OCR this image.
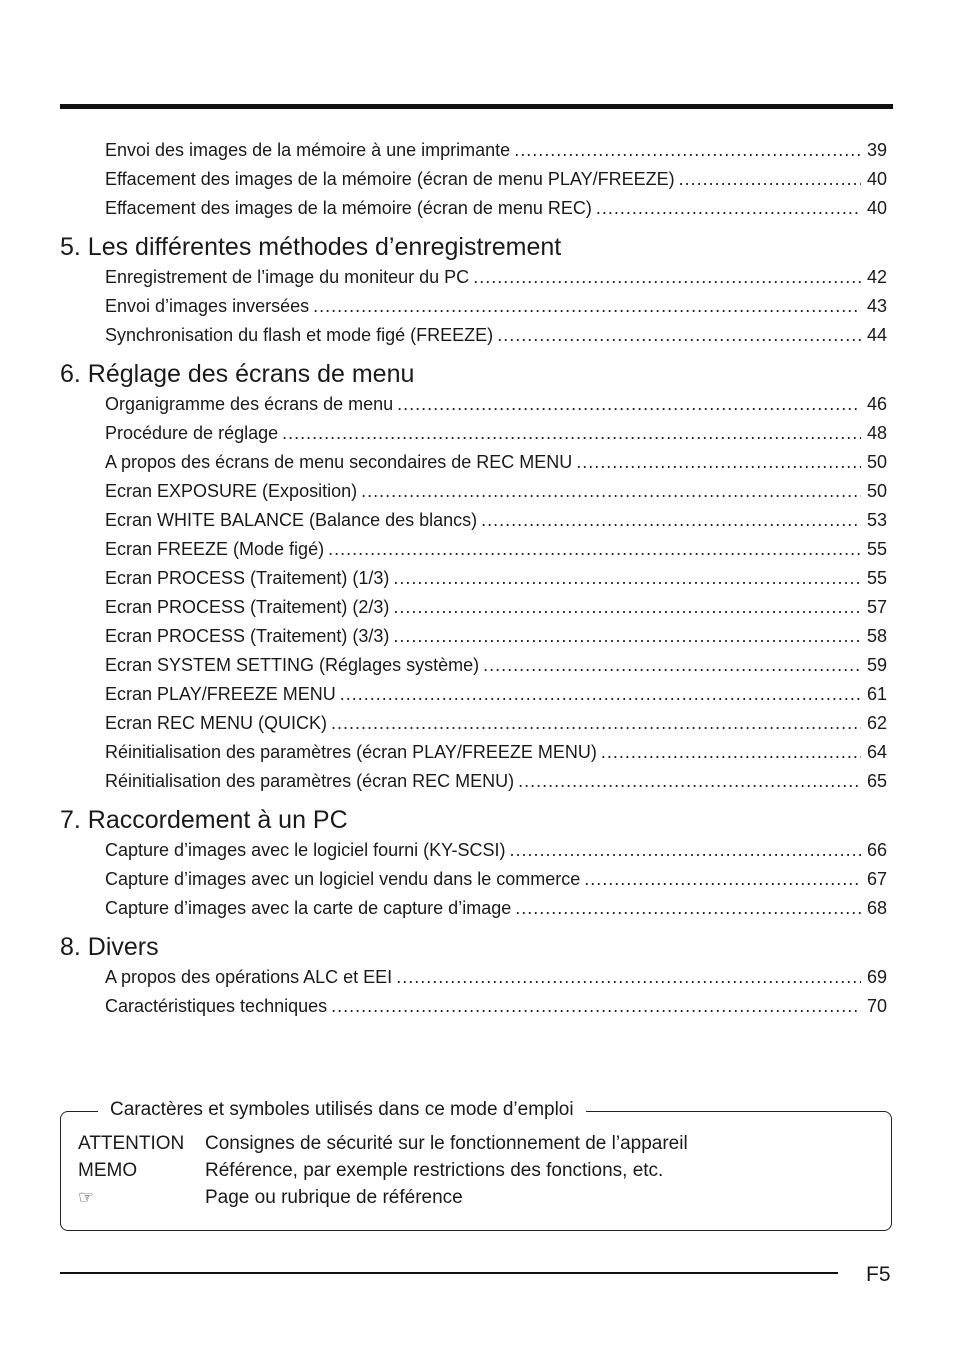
Envoi des images de la mémoire à une imprimante .....	39
Effacement des images de la mémoire (écran de menu PLAY/FREEZE) .....	40
Effacement des images de la mémoire (écran de menu REC) .....	40
5. Les différentes méthodes d’enregistrement
Enregistrement de l’image du moniteur du PC .....	42
Envoi d’images inversées .....	43
Synchronisation du flash et mode figé (FREEZE) .....	44
6. Réglage des écrans de menu
Organigramme des écrans de menu .....	46
Procédure de réglage .....	48
A propos des écrans de menu secondaires de REC MENU .....	50
Ecran EXPOSURE (Exposition) .....	50
Ecran WHITE BALANCE (Balance des blancs) .....	53
Ecran FREEZE (Mode figé) .....	55
Ecran PROCESS (Traitement) (1/3) .....	55
Ecran PROCESS (Traitement) (2/3) .....	57
Ecran PROCESS (Traitement) (3/3) .....	58
Ecran SYSTEM SETTING (Réglages système) .....	59
Ecran PLAY/FREEZE MENU .....	61
Ecran REC MENU (QUICK) .....	62
Réinitialisation des paramètres (écran PLAY/FREEZE MENU) .....	64
Réinitialisation des paramètres (écran REC MENU) .....	65
7. Raccordement à un PC
Capture d’images avec le logiciel fourni (KY-SCSI) .....	66
Capture d’images avec un logiciel vendu dans le commerce .....	67
Capture d’images avec la carte de capture d’image .....	68
8. Divers
A propos des opérations ALC et EEI .....	69
Caractéristiques techniques .....	70
Caractères et symboles utilisés dans ce mode d’emploi
ATTENTION	Consignes de sécurité sur le fonctionnement de l’appareil
MEMO	Référence, par exemple restrictions des fonctions, etc.
☞	Page ou rubrique de référence
F5
